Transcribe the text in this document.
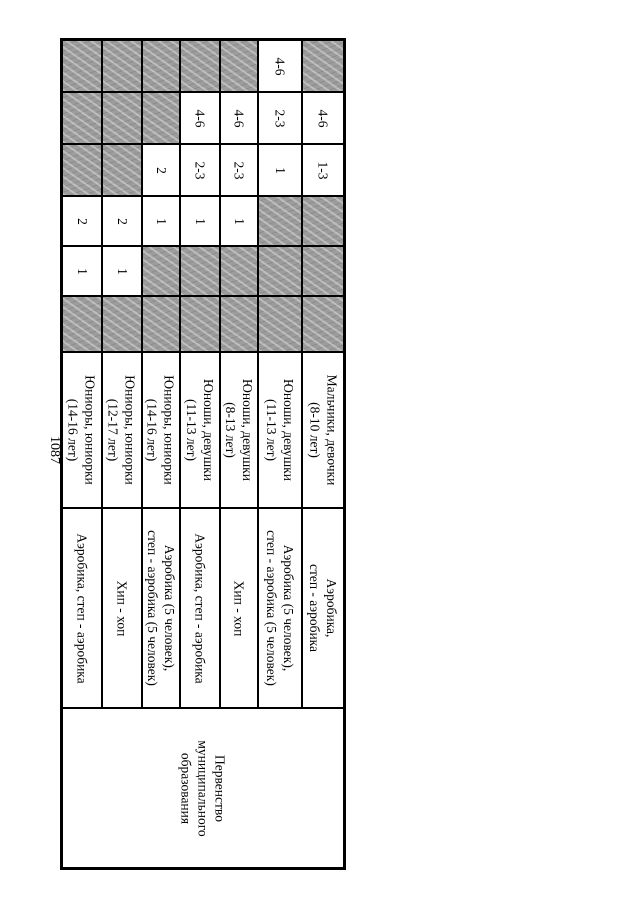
1087
Первенство
муниципального
образования
Аэробика, степ - аэробика
Юниоры, юниорки
(14-16 лет)
1
2
Хип - хоп
Юниоры, юниорки
(12-17 лет)
1
2
Аэробика (5 человек),
степ - аэробика (5 человек)
Юниоры, юниорки
(14-16 лет)
1
2
Аэробика, степ - аэробика
Юноши, девушки
(11-13 лет)
1
2-3
4-6
Хип - хоп
Юноши, девушки
(8-13 лет)
1
2-3
4-6
Аэробика (5 человек),
степ - аэробика (5 человек)
Юноши, девушки
(11-13 лет)
1
2-3
4-6
Аэробика,
степ - аэробика
Мальчики, девочки
(8-10 лет)
1-3
4-6
